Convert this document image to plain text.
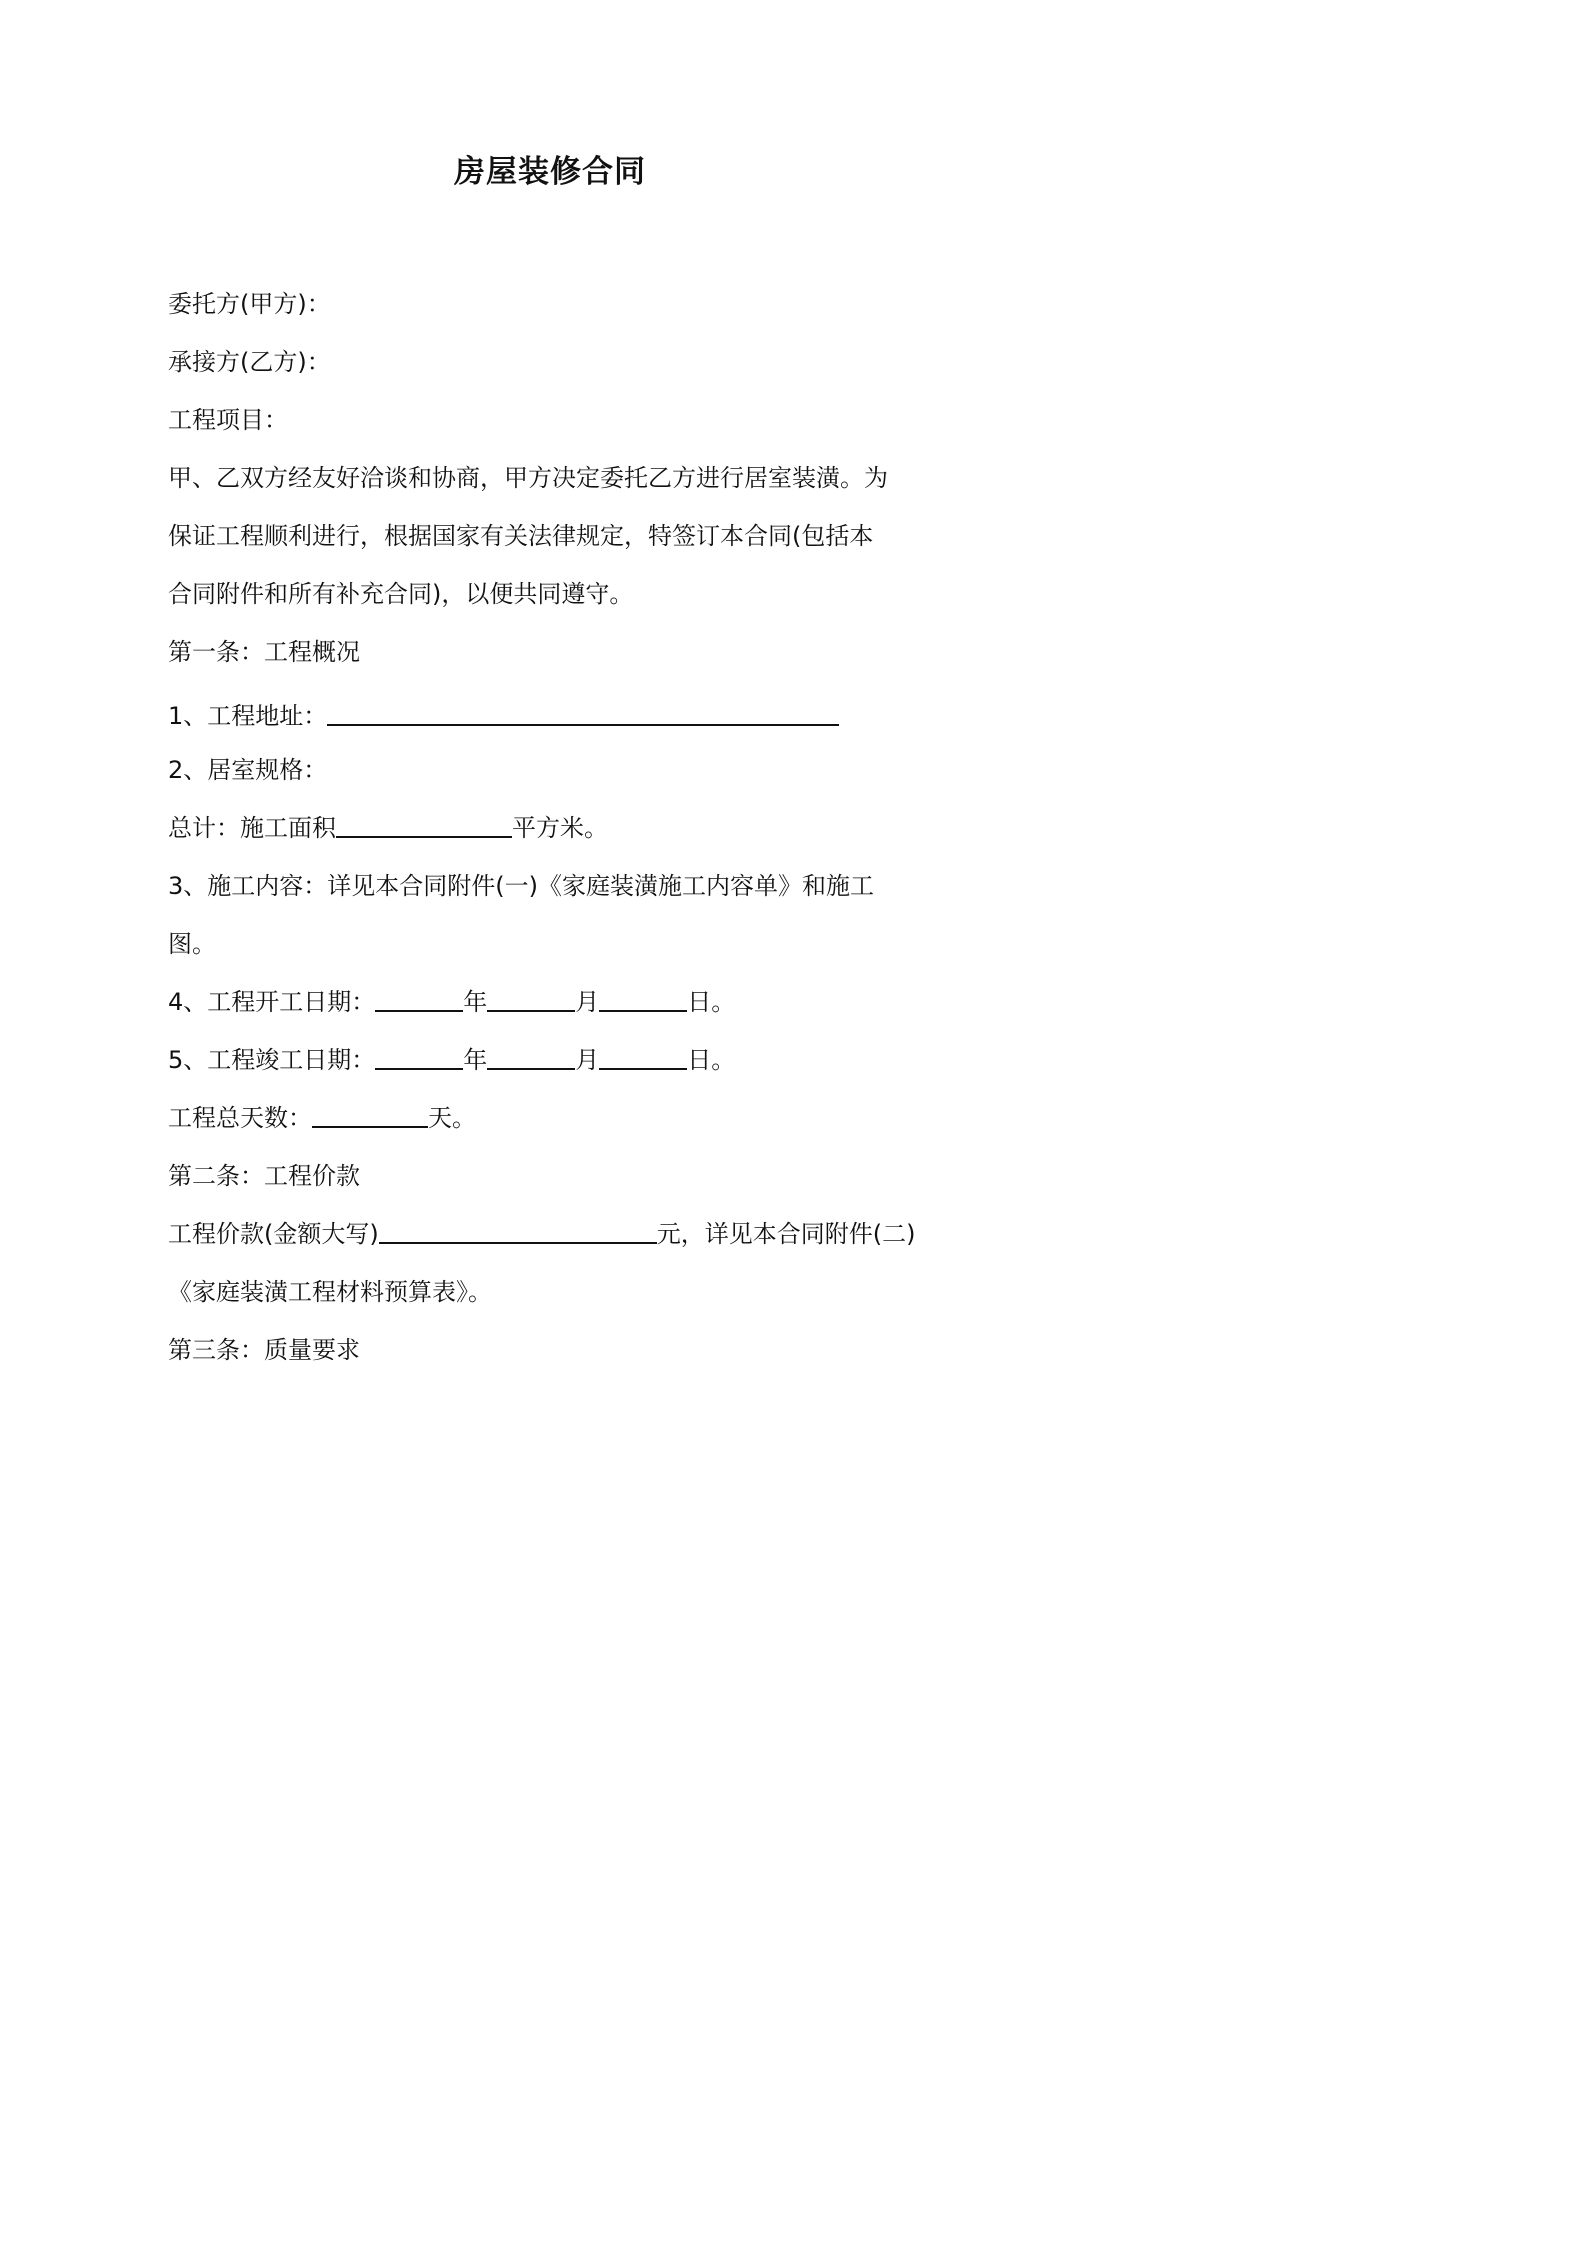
房屋装修合同

委托方(甲方)：

承接方(乙方)：

工程项目：

甲、乙双方经友好洽谈和协商，甲方决定委托乙方进行居室装潢。为

保证工程顺利进行，根据国家有关法律规定，特签订本合同(包括本

合同附件和所有补充合同)，以便共同遵守。

第一条：工程概况

1、工程地址：

2、居室规格：

总计：施工面积	平方米。

3、施工内容：详见本合同附件(一)《家庭装潢施工内容单》和施工

图。

4、工程开工日期：	年	月	日。

5、工程竣工日期：	年	月	日。

工程总天数：	天。

第二条：工程价款

工程价款(金额大写)	元，详见本合同附件(二)

《家庭装潢工程材料预算表》。

第三条：质量要求
